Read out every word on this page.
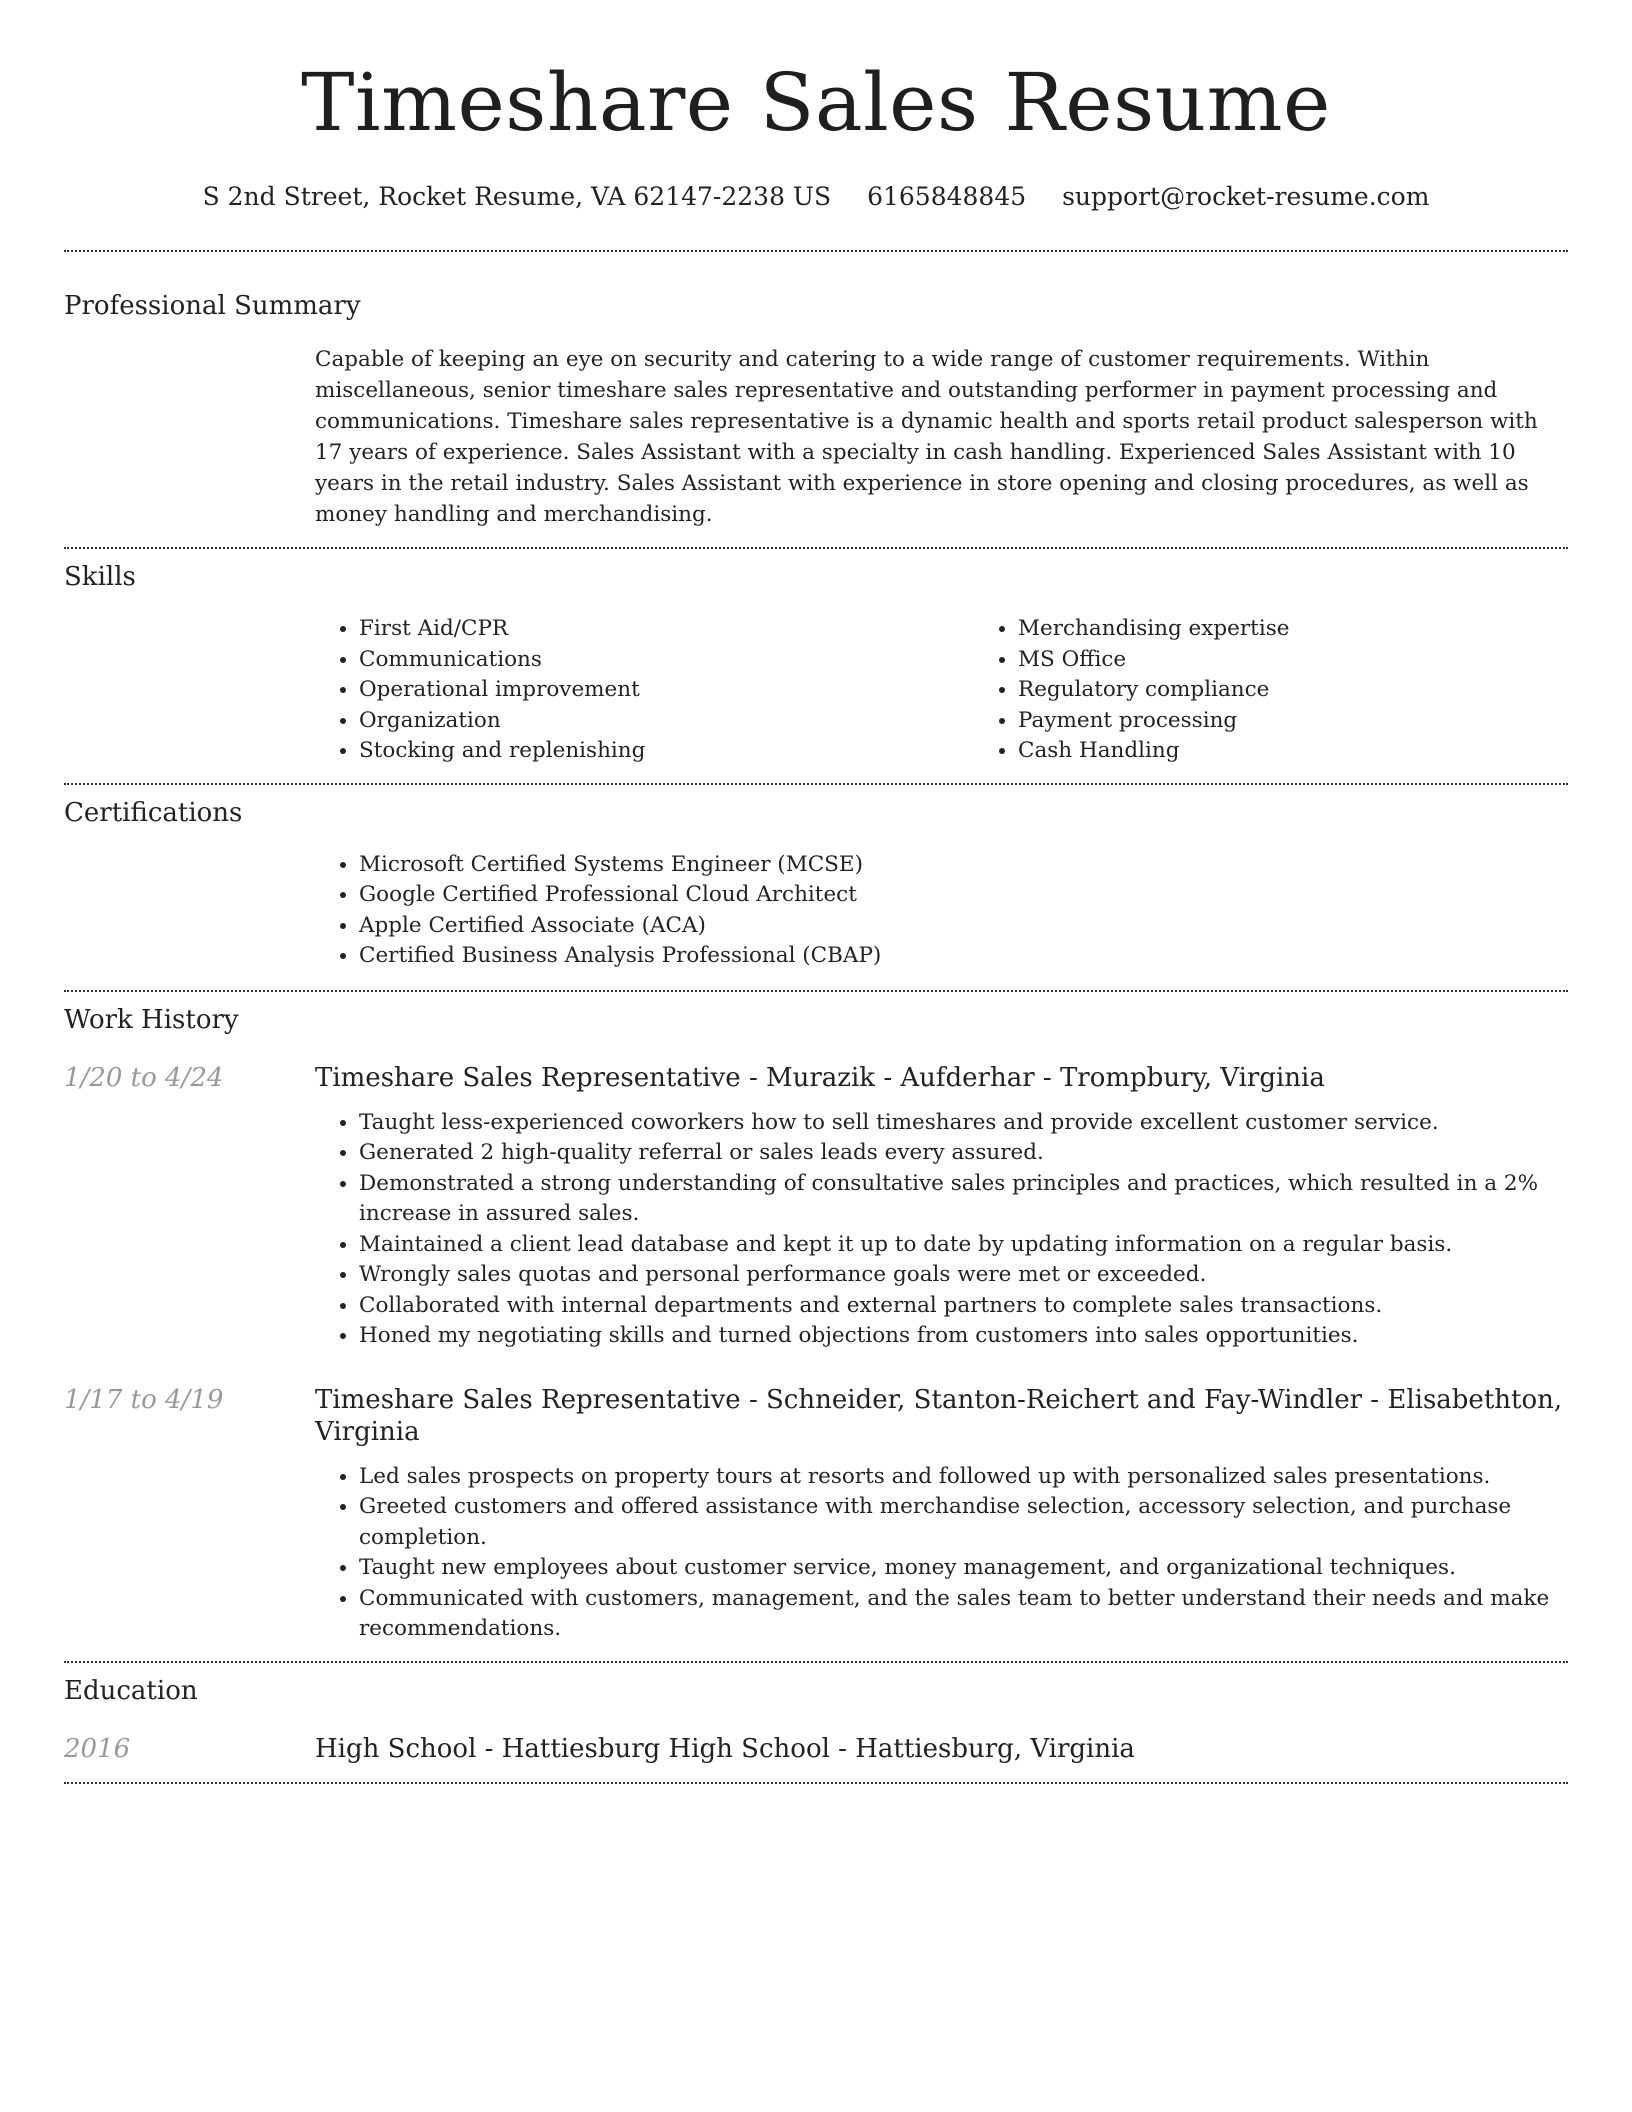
Timeshare Sales Resume
S 2nd Street, Rocket Resume, VA 62147-2238 US 6165848845 support@rocket-resume.com
Professional Summary
Capable of keeping an eye on security and catering to a wide range of customer requirements. Within miscellaneous, senior timeshare sales representative and outstanding performer in payment processing and communications. Timeshare sales representative is a dynamic health and sports retail product salesperson with 17 years of experience. Sales Assistant with a specialty in cash handling. Experienced Sales Assistant with 10 years in the retail industry. Sales Assistant with experience in store opening and closing procedures, as well as money handling and merchandising.
Skills
• First Aid/CPR
• Communications
• Operational improvement
• Organization
• Stocking and replenishing
• Merchandising expertise
• MS Office
• Regulatory compliance
• Payment processing
• Cash Handling
Certifications
• Microsoft Certified Systems Engineer (MCSE)
• Google Certified Professional Cloud Architect
• Apple Certified Associate (ACA)
• Certified Business Analysis Professional (CBAP)
Work History
1/20 to 4/24	Timeshare Sales Representative - Murazik - Aufderhar - Trompbury, Virginia
• Taught less-experienced coworkers how to sell timeshares and provide excellent customer service.
• Generated 2 high-quality referral or sales leads every assured.
• Demonstrated a strong understanding of consultative sales principles and practices, which resulted in a 2% increase in assured sales.
• Maintained a client lead database and kept it up to date by updating information on a regular basis.
• Wrongly sales quotas and personal performance goals were met or exceeded.
• Collaborated with internal departments and external partners to complete sales transactions.
• Honed my negotiating skills and turned objections from customers into sales opportunities.
1/17 to 4/19	Timeshare Sales Representative - Schneider, Stanton-Reichert and Fay-Windler - Elisabethton, Virginia
• Led sales prospects on property tours at resorts and followed up with personalized sales presentations.
• Greeted customers and offered assistance with merchandise selection, accessory selection, and purchase completion.
• Taught new employees about customer service, money management, and organizational techniques.
• Communicated with customers, management, and the sales team to better understand their needs and make recommendations.
Education
2016	High School - Hattiesburg High School - Hattiesburg, Virginia
